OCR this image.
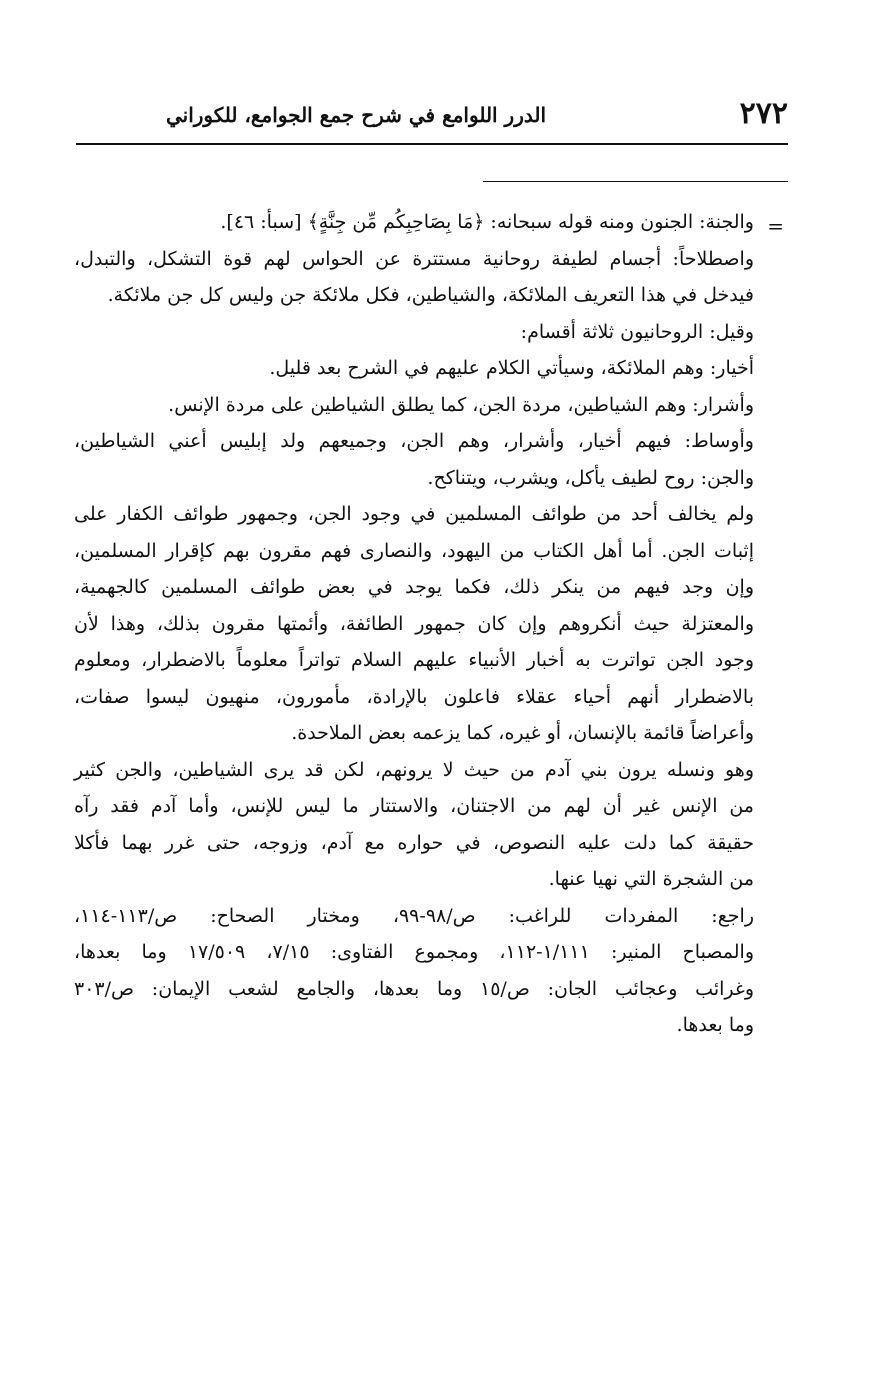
٢٧٢
الدرر اللوامع في شرح جمع الجوامع، للكوراني
=
والجنة: الجنون ومنه قوله سبحانه: ﴿مَا بِصَاحِبِكُم مِّن جِنَّةٍ﴾ [سبأ: ٤٦].
واصطلاحاً: أجسام لطيفة روحانية مستترة عن الحواس لهم قوة التشكل، والتبدل،
فيدخل في هذا التعريف الملائكة، والشياطين، فكل ملائكة جن وليس كل جن ملائكة.
وقيل: الروحانيون ثلاثة أقسام:
أخيار: وهم الملائكة، وسيأتي الكلام عليهم في الشرح بعد قليل.
وأشرار: وهم الشياطين، مردة الجن، كما يطلق الشياطين على مردة الإنس.
وأوساط: فيهم أخيار، وأشرار، وهم الجن، وجميعهم ولد إبليس أعني الشياطين،
والجن: روح لطيف يأكل، ويشرب، ويتناكح.
ولم يخالف أحد من طوائف المسلمين في وجود الجن، وجمهور طوائف الكفار على
إثبات الجن. أما أهل الكتاب من اليهود، والنصارى فهم مقرون بهم كإقرار المسلمين،
وإن وجد فيهم من ينكر ذلك، فكما يوجد في بعض طوائف المسلمين كالجهمية،
والمعتزلة حيث أنكروهم وإن كان جمهور الطائفة، وأئمتها مقرون بذلك، وهذا لأن
وجود الجن تواترت به أخبار الأنبياء عليهم السلام تواتراً معلوماً بالاضطرار، ومعلوم
بالاضطرار أنهم أحياء عقلاء فاعلون بالإرادة، مأمورون، منهيون ليسوا صفات،
وأعراضاً قائمة بالإنسان، أو غيره، كما يزعمه بعض الملاحدة.
وهو ونسله يرون بني آدم من حيث لا يرونهم، لكن قد يرى الشياطين، والجن كثير
من الإنس غير أن لهم من الاجتنان، والاستتار ما ليس للإنس، وأما آدم فقد رآه
حقيقة كما دلت عليه النصوص، في حواره مع آدم، وزوجه، حتى غرر بهما فأكلا
من الشجرة التي نهيا عنها.
راجع: المفردات للراغب: ص/٩٨-٩٩، ومختار الصحاح: ص/١١٣-١١٤،
والمصباح المنير: ١/١١١-١١٢، ومجموع الفتاوى: ٧/١٥، ١٧/٥٠٩ وما بعدها،
وغرائب وعجائب الجان: ص/١٥ وما بعدها، والجامع لشعب الإيمان: ص/٣٠٣
وما بعدها.
